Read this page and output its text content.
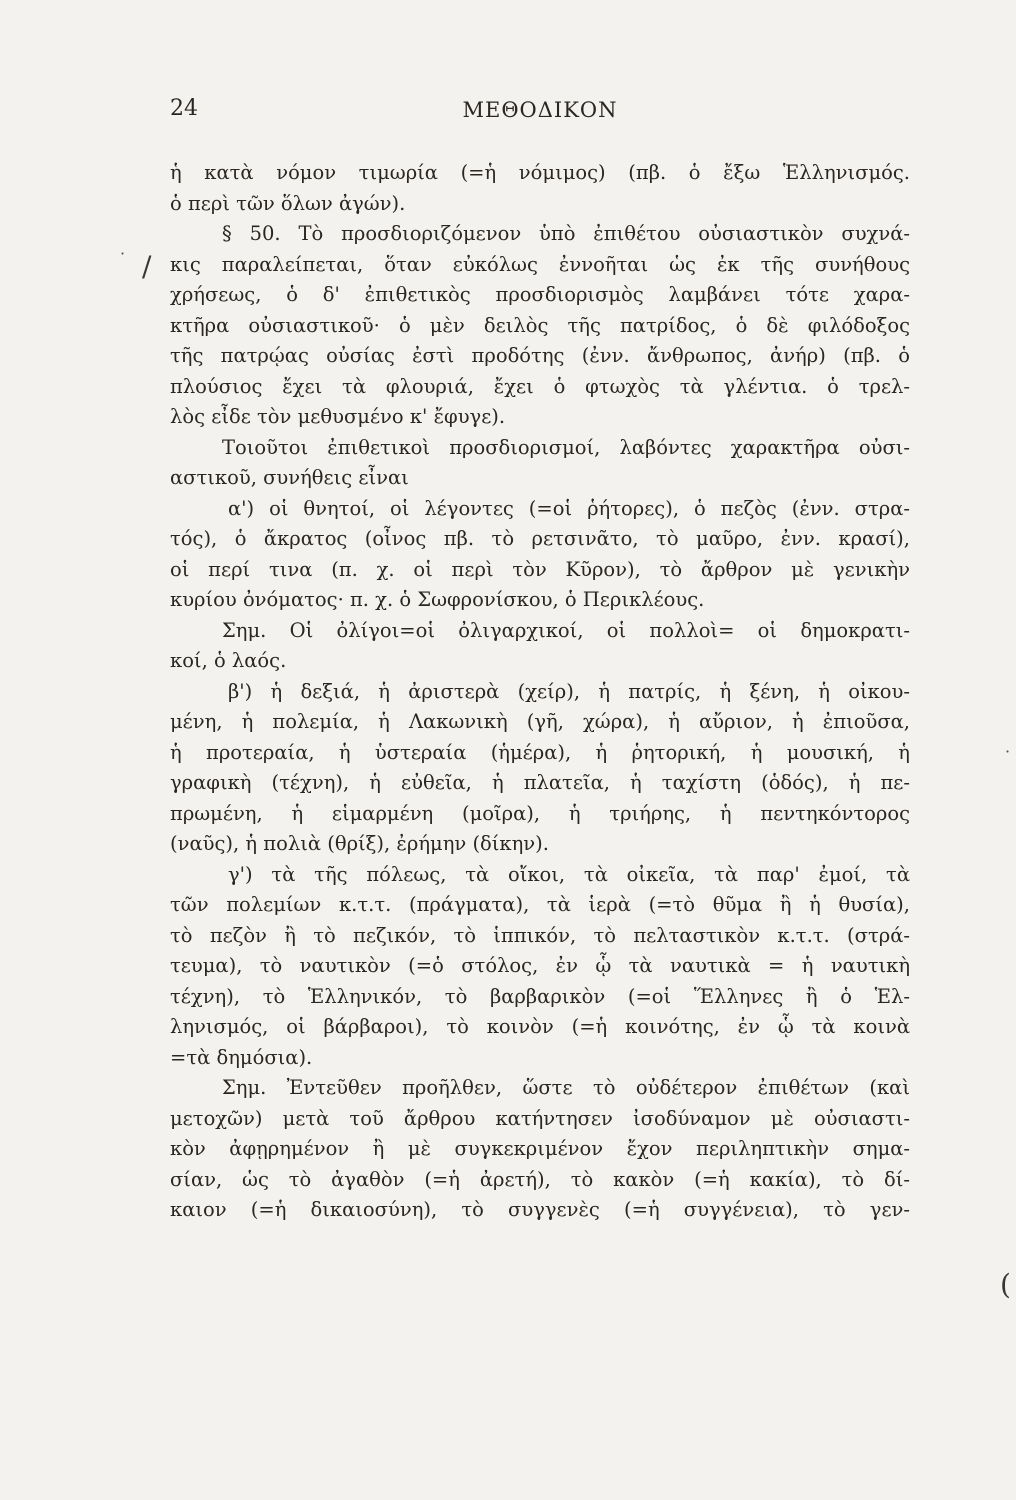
24	ΜΕΘΟΔΙΚΟΝ
/
(
·
·
ἡ κατὰ νόμον τιμωρία (=ἡ νόμιμος) (πβ. ὁ ἔξω Ἑλληνισμός.
ὁ περὶ τῶν ὅλων ἀγών).
§ 50. Τὸ προσδιοριζόμενον ὑπὸ ἐπιθέτου οὐσιαστικὸν συχνά-
κις παραλείπεται, ὅταν εὐκόλως ἐννοῆται ὡς ἐκ τῆς συνήθους
χρήσεως, ὁ δ' ἐπιθετικὸς προσδιορισμὸς λαμβάνει τότε χαρα-
κτῆρα οὐσιαστικοῦ· ὁ μὲν δειλὸς τῆς πατρίδος, ὁ δὲ φιλόδοξος
τῆς πατρῴας οὐσίας ἐστὶ προδότης (ἐνν. ἄνθρωπος, ἀνήρ) (πβ. ὁ
πλούσιος ἔχει τὰ φλουριά, ἔχει ὁ φτωχὸς τὰ γλέντια. ὁ τρελ-
λὸς εἶδε τὸν μεθυσμένο κ' ἔφυγε).
Τοιοῦτοι ἐπιθετικοὶ προσδιορισμοί, λαβόντες χαρακτῆρα οὐσι-
αστικοῦ, συνήθεις εἶναι
α') οἱ θνητοί, οἱ λέγοντες (=οἱ ῥήτορες), ὁ πεζὸς (ἐνν. στρα-
τός), ὁ ἄκρατος (οἶνος πβ. τὸ ρετσινᾶτο, τὸ μαῦρο, ἐνν. κρασί),
οἱ περί τινα (π. χ. οἱ περὶ τὸν Κῦρον), τὸ ἄρθρον μὲ γενικὴν
κυρίου ὀνόματος· π. χ. ὁ Σωφρονίσκου, ὁ Περικλέους.
Σημ. Οἱ ὀλίγοι=οἱ ὀλιγαρχικοί, οἱ πολλοὶ= οἱ δημοκρατι-
κοί, ὁ λαός.
β') ἡ δεξιά, ἡ ἀριστερὰ (χείρ), ἡ πατρίς, ἡ ξένη, ἡ οἰκου-
μένη, ἡ πολεμία, ἡ Λακωνικὴ (γῆ, χώρα), ἡ αὔριον, ἡ ἐπιοῦσα,
ἡ προτεραία, ἡ ὑστεραία (ἡμέρα), ἡ ῥητορική, ἡ μουσική, ἡ
γραφικὴ (τέχνη), ἡ εὐθεῖα, ἡ πλατεῖα, ἡ ταχίστη (ὁδός), ἡ πε-
πρωμένη, ἡ εἱμαρμένη (μοῖρα), ἡ τριήρης, ἡ πεντηκόντορος
(ναῦς), ἡ πολιὰ (θρίξ), ἐρήμην (δίκην).
γ') τὰ τῆς πόλεως, τὰ οἴκοι, τὰ οἰκεῖα, τὰ παρ' ἐμοί, τὰ
τῶν πολεμίων κ.τ.τ. (πράγματα), τὰ ἱερὰ (=τὸ θῦμα ἢ ἡ θυσία),
τὸ πεζὸν ἢ τὸ πεζικόν, τὸ ἱππικόν, τὸ πελταστικὸν κ.τ.τ. (στρά-
τευμα), τὸ ναυτικὸν (=ὁ στόλος, ἐν ᾧ τὰ ναυτικὰ = ἡ ναυτικὴ
τέχνη), τὸ Ἑλληνικόν, τὸ βαρβαρικὸν (=οἱ Ἕλληνες ἢ ὁ Ἑλ-
ληνισμός, οἱ βάρβαροι), τὸ κοινὸν (=ἡ κοινότης, ἐν ᾧ τὰ κοινὰ
=τὰ δημόσια).
Σημ. Ἐντεῦθεν προῆλθεν, ὥστε τὸ οὐδέτερον ἐπιθέτων (καὶ
μετοχῶν) μετὰ τοῦ ἄρθρου κατήντησεν ἰσοδύναμον μὲ οὐσιαστι-
κὸν ἀφῃρημένον ἢ μὲ συγκεκριμένον ἔχον περιληπτικὴν σημα-
σίαν, ὡς τὸ ἀγαθὸν (=ἡ ἀρετή), τὸ κακὸν (=ἡ κακία), τὸ δί-
καιον (=ἡ δικαιοσύνη), τὸ συγγενὲς (=ἡ συγγένεια), τὸ γεν-
